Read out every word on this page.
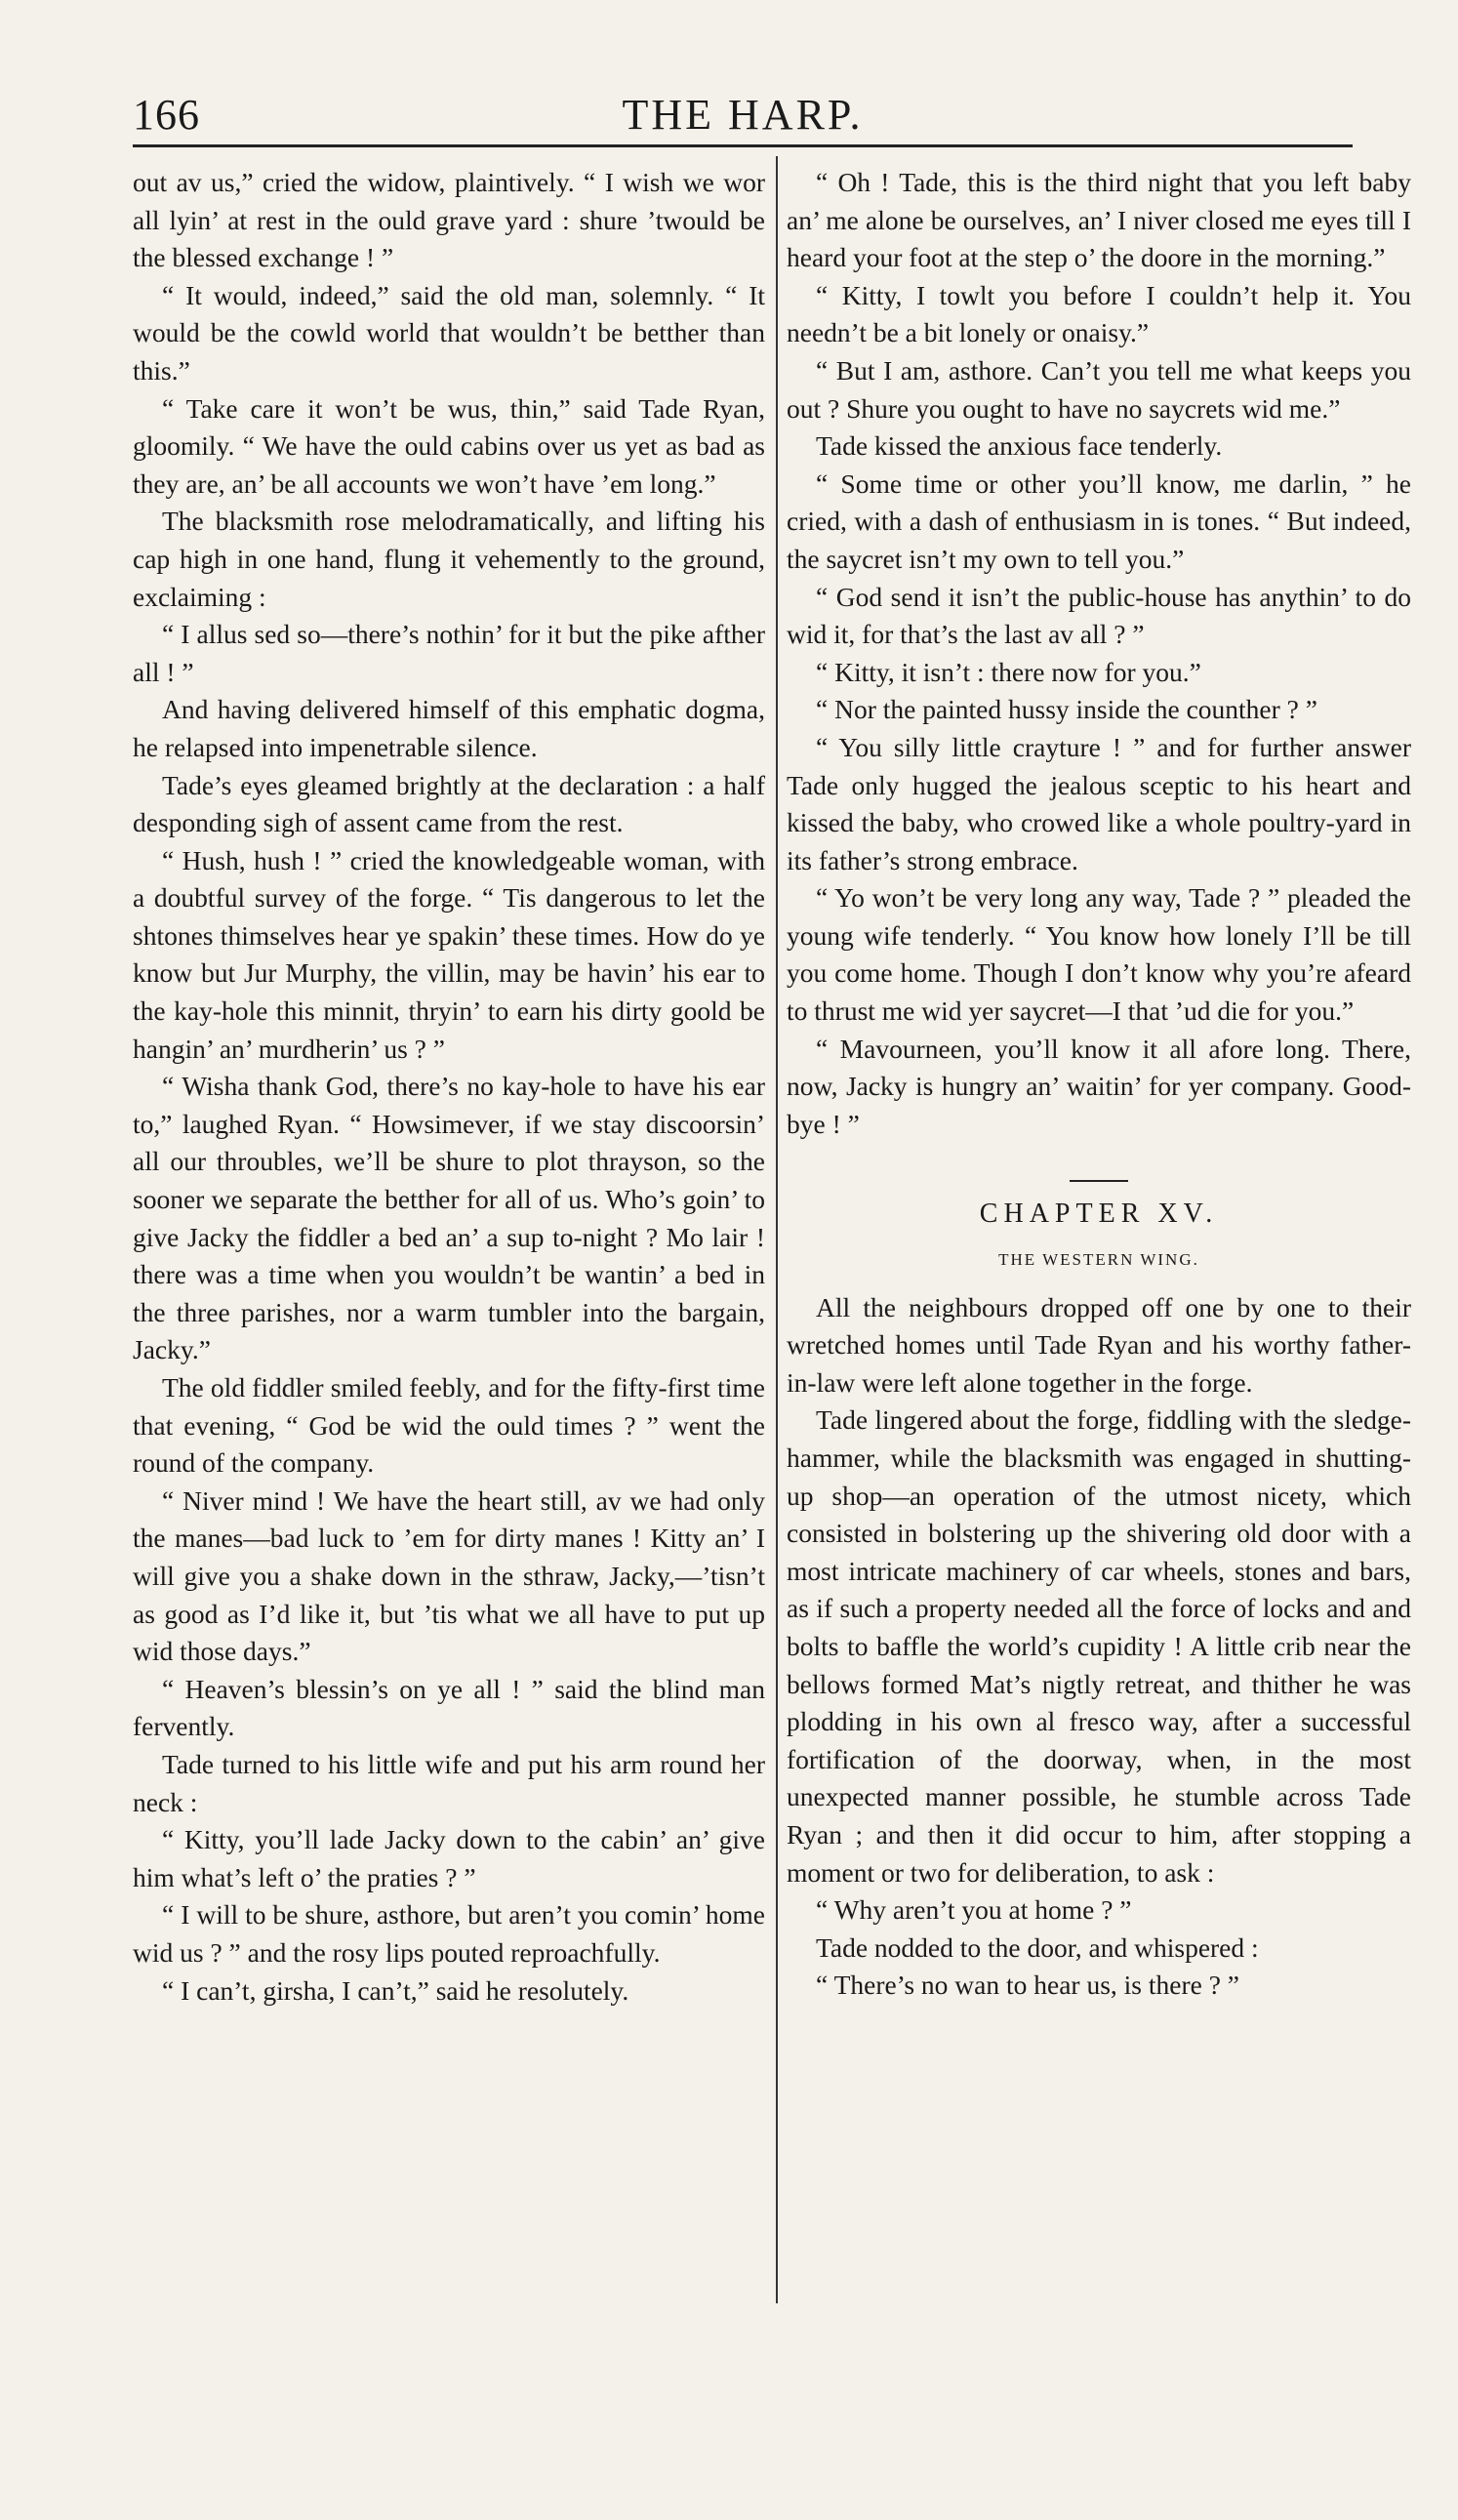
166	THE HARP.

out av us,” cried the widow, plaintively. “ I wish we wor all lyin’ at rest in the ould grave yard : shure ’twould be the blessed exchange ! ”

“ It would, indeed,” said the old man, solemnly. “ It would be the cowld world that wouldn’t be betther than this.”

“ Take care it won’t be wus, thin,” said Tade Ryan, gloomily. “ We have the ould cabins over us yet as bad as they are, an’ be all accounts we won’t have ’em long.”

The blacksmith rose melodramatically, and lifting his cap high in one hand, flung it vehemently to the ground, exclaiming :

“ I allus sed so—there’s nothin’ for it but the pike afther all ! ”

And having delivered himself of this emphatic dogma, he relapsed into impenetrable silence.

Tade’s eyes gleamed brightly at the declaration : a half desponding sigh of assent came from the rest.

“ Hush, hush ! ” cried the knowledgeable woman, with a doubtful survey of the forge. “ Tis dangerous to let the shtones thimselves hear ye spakin’ these times. How do ye know but Jur Murphy, the villin, may be havin’ his ear to the kay-hole this minnit, thryin’ to earn his dirty goold be hangin’ an’ murdherin’ us ? ”

“ Wisha thank God, there’s no kay-hole to have his ear to,” laughed Ryan. “ Howsimever, if we stay discoorsin’ all our throubles, we’ll be shure to plot thrayson, so the sooner we separate the betther for all of us. Who’s goin’ to give Jacky the fiddler a bed an’ a sup to-night ? Mo lair ! there was a time when you wouldn’t be wantin’ a bed in the three parishes, nor a warm tumbler into the bargain, Jacky.”

The old fiddler smiled feebly, and for the fifty-first time that evening, “ God be wid the ould times ? ” went the round of the company.

“ Niver mind ! We have the heart still, av we had only the manes—bad luck to ’em for dirty manes ! Kitty an’ I will give you a shake down in the sthraw, Jacky,—’tisn’t as good as I’d like it, but ’tis what we all have to put up wid those days.”

“ Heaven’s blessin’s on ye all ! ” said the blind man fervently.

Tade turned to his little wife and put his arm round her neck :

“ Kitty, you’ll lade Jacky down to the cabin’ an’ give him what’s left o’ the praties ? ”

“ I will to be shure, asthore, but aren’t you comin’ home wid us ? ” and the rosy lips pouted reproachfully.

“ I can’t, girsha, I can’t,” said he resolutely.

“ Oh ! Tade, this is the third night that you left baby an’ me alone be ourselves, an’ I niver closed me eyes till I heard your foot at the step o’ the doore in the morning.”

“ Kitty, I towlt you before I couldn’t help it. You needn’t be a bit lonely or onaisy.”

“ But I am, asthore. Can’t you tell me what keeps you out ? Shure you ought to have no saycrets wid me.”

Tade kissed the anxious face tenderly.

“ Some time or other you’ll know, me darlin, ” he cried, with a dash of enthusiasm in is tones. “ But indeed, the saycret isn’t my own to tell you.”

“ God send it isn’t the public-house has anythin’ to do wid it, for that’s the last av all ? ”

“ Kitty, it isn’t : there now for you.”

“ Nor the painted hussy inside the counther ? ”

“ You silly little crayture ! ” and for further answer Tade only hugged the jealous sceptic to his heart and kissed the baby, who crowed like a whole poultry-yard in its father’s strong embrace.

“ Yo won’t be very long any way, Tade ? ” pleaded the young wife tenderly. “ You know how lonely I’ll be till you come home. Though I don’t know why you’re afeard to thrust me wid yer saycret—I that ’ud die for you.”

“ Mavourneen, you’ll know it all afore long. There, now, Jacky is hungry an’ waitin’ for yer company. Good-bye ! ”

CHAPTER XV.
THE WESTERN WING.

All the neighbours dropped off one by one to their wretched homes until Tade Ryan and his worthy father-in-law were left alone together in the forge.

Tade lingered about the forge, fiddling with the sledge-hammer, while the blacksmith was engaged in shutting-up shop—an operation of the utmost nicety, which consisted in bolstering up the shivering old door with a most intricate machinery of car wheels, stones and bars, as if such a property needed all the force of locks and and bolts to baffle the world’s cupidity ! A little crib near the bellows formed Mat’s nigtly retreat, and thither he was plodding in his own al fresco way, after a successful fortification of the doorway, when, in the most unexpected manner possible, he stumble across Tade Ryan ; and then it did occur to him, after stopping a moment or two for deliberation, to ask :

“ Why aren’t you at home ? ”

Tade nodded to the door, and whispered :

“ There’s no wan to hear us, is there ? ”
